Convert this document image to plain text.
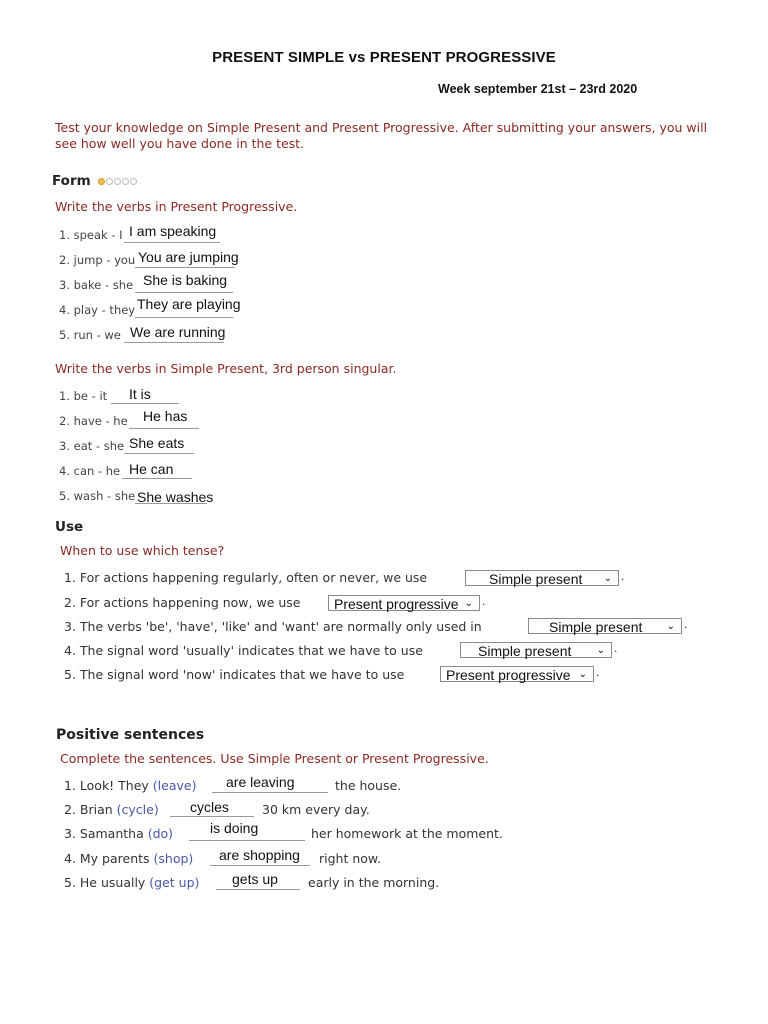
PRESENT SIMPLE vs PRESENT PROGRESSIVE
Week september 21st – 23rd 2020
Test your knowledge on Simple Present and Present Progressive. After submitting your answers, you will see how well you have done in the test.
Form
Write the verbs in Present Progressive.
1. speak - I I am speaking
2. jump - you You are jumping
3. bake - she She is baking
4. play - they They are playing
5. run - we We are running
Write the verbs in Simple Present, 3rd person singular.
1. be - it It is
2. have - he He has
3. eat - she She eats
4. can - he He can
5. wash - she She washes
Use
When to use which tense?
1. For actions happening regularly, often or never, we use	Simple present ⌄ .
2. For actions happening now, we use	Present progressive ⌄ .
3. The verbs 'be', 'have', 'like' and 'want' are normally only used in	Simple present ⌄ .
4. The signal word 'usually' indicates that we have to use	Simple present	⌄ .
5. The signal word 'now' indicates that we have to use	Present progressive ⌄ .
Positive sentences
Complete the sentences. Use Simple Present or Present Progressive.
1. Look! They (leave) are leaving	the house.
2. Brian (cycle) cycles	30 km every day.
3. Samantha (do)	is doing	her homework at the moment.
4. My parents (shop) are shopping right now.
5. He usually (get up) gets up early in the morning.
